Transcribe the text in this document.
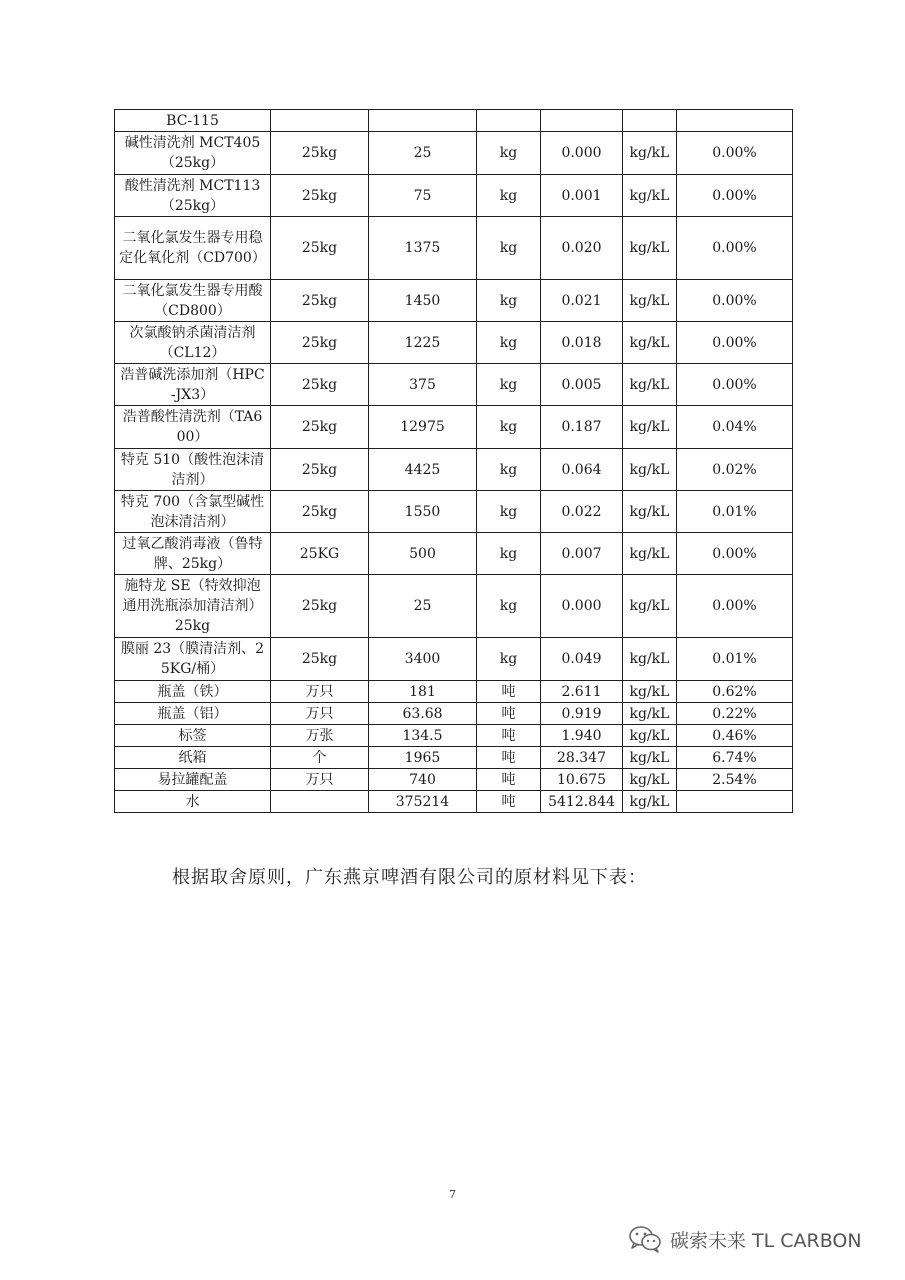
BC-115						
碱性清洗剂 MCT405（25kg）	25kg	25	kg	0.000	kg/kL	0.00%
酸性清洗剂 MCT113（25kg）	25kg	75	kg	0.001	kg/kL	0.00%
二氧化氯发生器专用稳定化氧化剂（CD700）	25kg	1375	kg	0.020	kg/kL	0.00%
二氧化氯发生器专用酸（CD800）	25kg	1450	kg	0.021	kg/kL	0.00%
次氯酸钠杀菌清洁剂（CL12）	25kg	1225	kg	0.018	kg/kL	0.00%
浩普碱洗添加剂（HPC-JX3）	25kg	375	kg	0.005	kg/kL	0.00%
浩普酸性清洗剂（TA600）	25kg	12975	kg	0.187	kg/kL	0.04%
特克 510（酸性泡沫清洁剂）	25kg	4425	kg	0.064	kg/kL	0.02%
特克 700（含氯型碱性泡沫清洁剂）	25kg	1550	kg	0.022	kg/kL	0.01%
过氧乙酸消毒液（鲁特牌、25kg）	25KG	500	kg	0.007	kg/kL	0.00%
施特龙 SE（特效抑泡通用洗瓶添加清洁剂）25kg	25kg	25	kg	0.000	kg/kL	0.00%
膜丽 23（膜清洁剂、25KG/桶）	25kg	3400	kg	0.049	kg/kL	0.01%
瓶盖（铁）	万只	181	吨	2.611	kg/kL	0.62%
瓶盖（铝）	万只	63.68	吨	0.919	kg/kL	0.22%
标签	万张	134.5	吨	1.940	kg/kL	0.46%
纸箱	个	1965	吨	28.347	kg/kL	6.74%
易拉罐配盖	万只	740	吨	10.675	kg/kL	2.54%
水		375214	吨	5412.844	kg/kL	
根据取舍原则，广东燕京啤酒有限公司的原材料见下表：
7
碳索未来 TL CARBON
